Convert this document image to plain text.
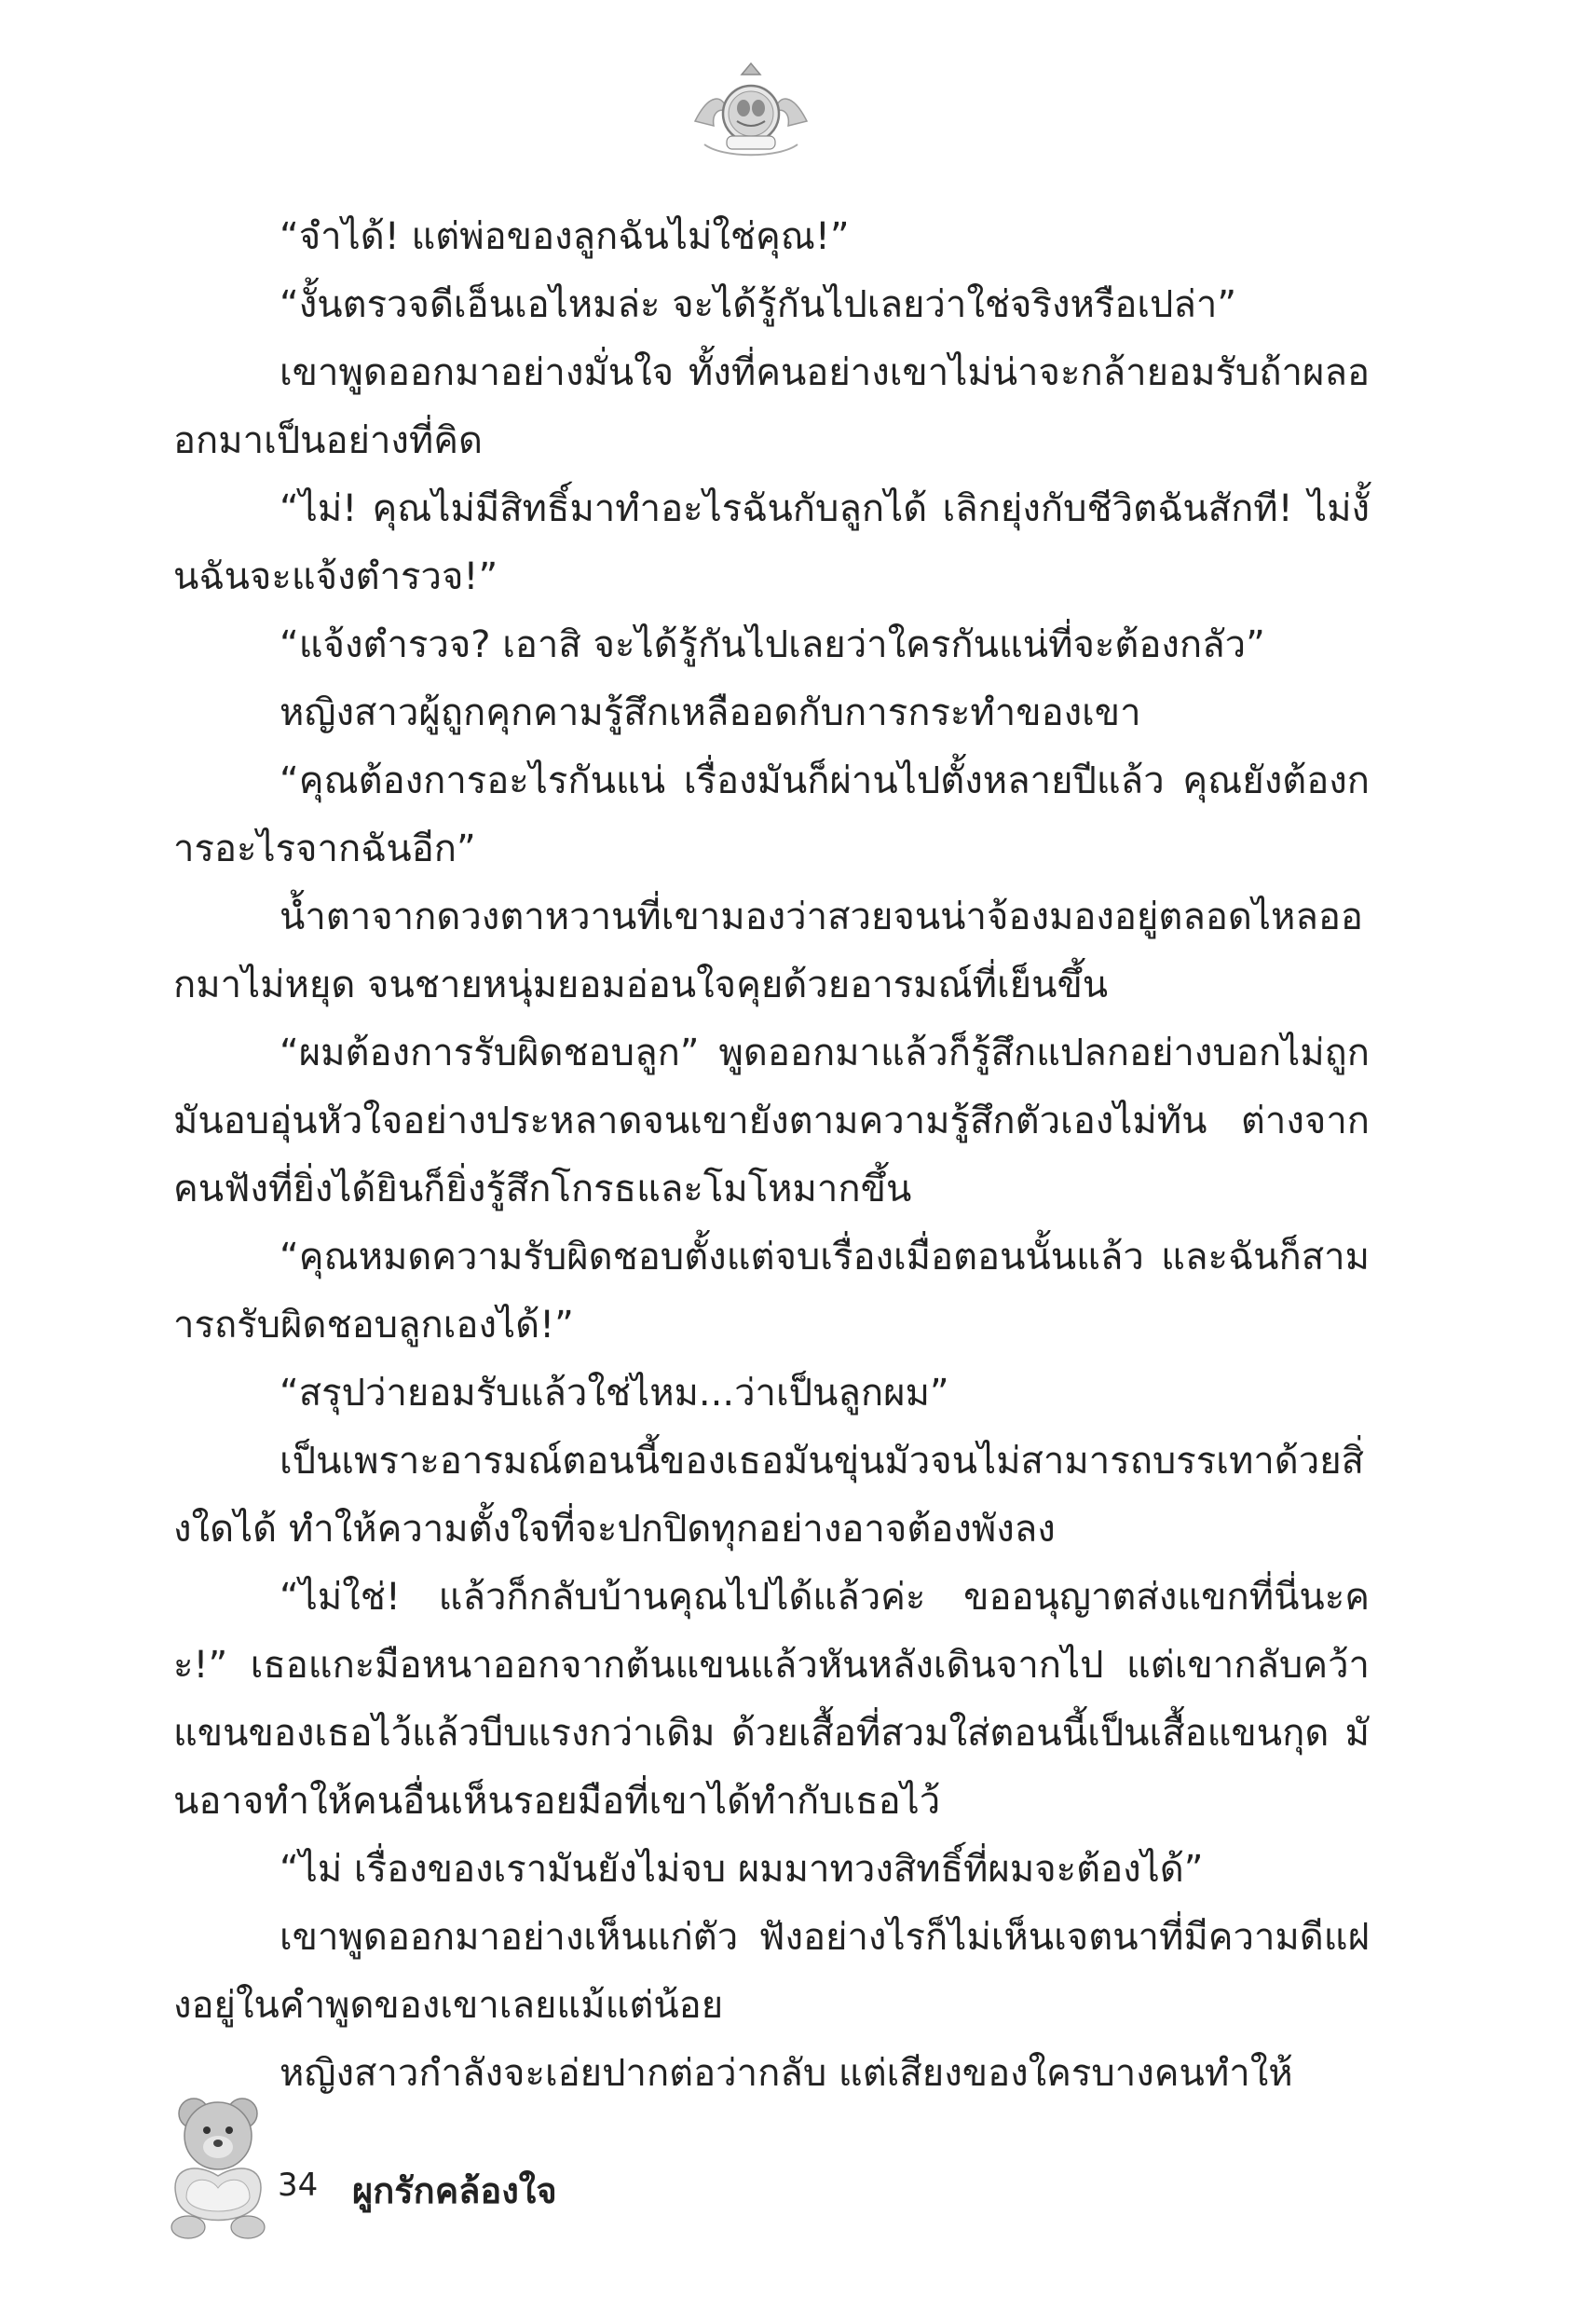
“จำได้! แต่พ่อของลูกฉันไม่ใช่คุณ!”

“งั้นตรวจดีเอ็นเอไหมล่ะ จะได้รู้กันไปเลยว่าใช่จริงหรือเปล่า”

เขาพูดออกมาอย่างมั่นใจ ทั้งที่คนอย่างเขาไม่น่าจะกล้ายอมรับถ้าผลออกมาเป็นอย่างที่คิด

“ไม่! คุณไม่มีสิทธิ์มาทำอะไรฉันกับลูกได้ เลิกยุ่งกับชีวิตฉันสักที! ไม่งั้นฉันจะแจ้งตำรวจ!”

“แจ้งตำรวจ? เอาสิ จะได้รู้กันไปเลยว่าใครกันแน่ที่จะต้องกลัว”

หญิงสาวผู้ถูกคุกคามรู้สึกเหลืออดกับการกระทำของเขา

“คุณต้องการอะไรกันแน่ เรื่องมันก็ผ่านไปตั้งหลายปีแล้ว คุณยังต้องการอะไรจากฉันอีก”

น้ำตาจากดวงตาหวานที่เขามองว่าสวยจนน่าจ้องมองอยู่ตลอดไหลออกมาไม่หยุด จนชายหนุ่มยอมอ่อนใจคุยด้วยอารมณ์ที่เย็นขึ้น

“ผมต้องการรับผิดชอบลูก” พูดออกมาแล้วก็รู้สึกแปลกอย่างบอกไม่ถูก มันอบอุ่นหัวใจอย่างประหลาดจนเขายังตามความรู้สึกตัวเองไม่ทัน ต่างจากคนฟังที่ยิ่งได้ยินก็ยิ่งรู้สึกโกรธและโมโหมากขึ้น

“คุณหมดความรับผิดชอบตั้งแต่จบเรื่องเมื่อตอนนั้นแล้ว และฉันก็สามารถรับผิดชอบลูกเองได้!”

“สรุปว่ายอมรับแล้วใช่ไหม...ว่าเป็นลูกผม”

เป็นเพราะอารมณ์ตอนนี้ของเธอมันขุ่นมัวจนไม่สามารถบรรเทาด้วยสิ่งใดได้ ทำให้ความตั้งใจที่จะปกปิดทุกอย่างอาจต้องพังลง

“ไม่ใช่! แล้วก็กลับบ้านคุณไปได้แล้วค่ะ ขออนุญาตส่งแขกที่นี่นะคะ!” เธอแกะมือหนาออกจากต้นแขนแล้วหันหลังเดินจากไป แต่เขากลับคว้าแขนของเธอไว้แล้วบีบแรงกว่าเดิม ด้วยเสื้อที่สวมใส่ตอนนี้เป็นเสื้อแขนกุด มันอาจทำให้คนอื่นเห็นรอยมือที่เขาได้ทำกับเธอไว้

“ไม่ เรื่องของเรามันยังไม่จบ ผมมาทวงสิทธิ์ที่ผมจะต้องได้”

เขาพูดออกมาอย่างเห็นแก่ตัว ฟังอย่างไรก็ไม่เห็นเจตนาที่มีความดีแฝงอยู่ในคำพูดของเขาเลยแม้แต่น้อย

หญิงสาวกำลังจะเอ่ยปากต่อว่ากลับ แต่เสียงของใครบางคนทำให้

34 ผูกรักคล้องใจ
